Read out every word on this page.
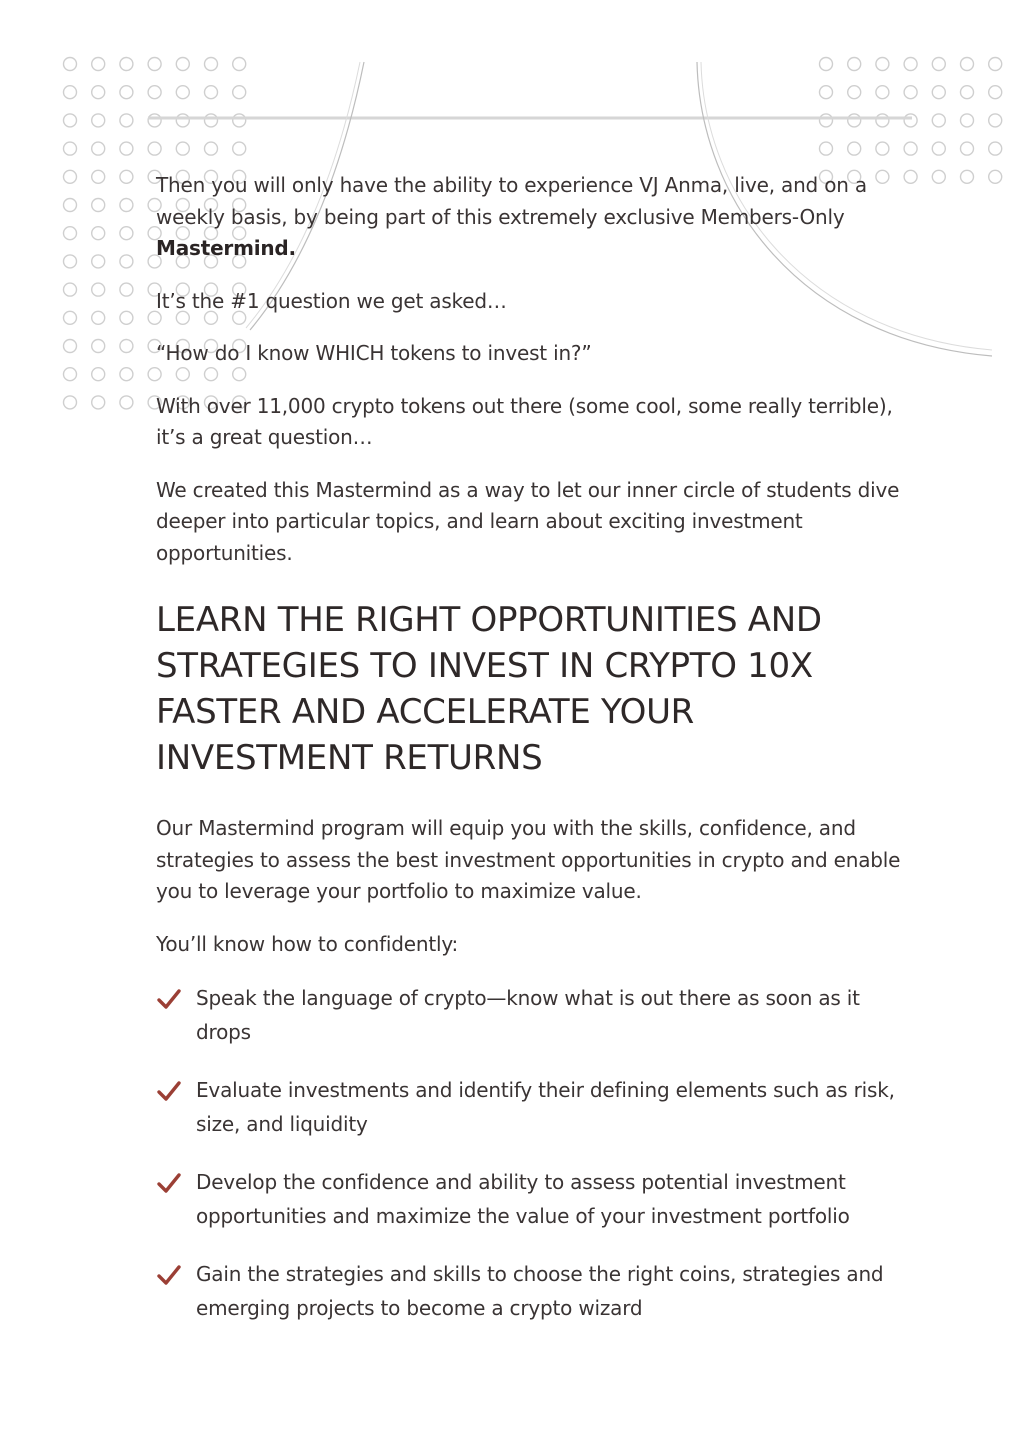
Then you will only have the ability to experience VJ Anma, live, and on a weekly basis, by being part of this extremely exclusive Members-Only Mastermind.

It’s the #1 question we get asked…

“How do I know WHICH tokens to invest in?”

With over 11,000 crypto tokens out there (some cool, some really terrible), it’s a great question…

We created this Mastermind as a way to let our inner circle of students dive deeper into particular topics, and learn about exciting investment opportunities.

LEARN THE RIGHT OPPORTUNITIES AND STRATEGIES TO INVEST IN CRYPTO 10X FASTER AND ACCELERATE YOUR INVESTMENT RETURNS

Our Mastermind program will equip you with the skills, confidence, and strategies to assess the best investment opportunities in crypto and enable you to leverage your portfolio to maximize value.

You’ll know how to confidently:

Speak the language of crypto—know what is out there as soon as it drops
Evaluate investments and identify their defining elements such as risk, size, and liquidity
Develop the confidence and ability to assess potential investment opportunities and maximize the value of your investment portfolio
Gain the strategies and skills to choose the right coins, strategies and emerging projects to become a crypto wizard
